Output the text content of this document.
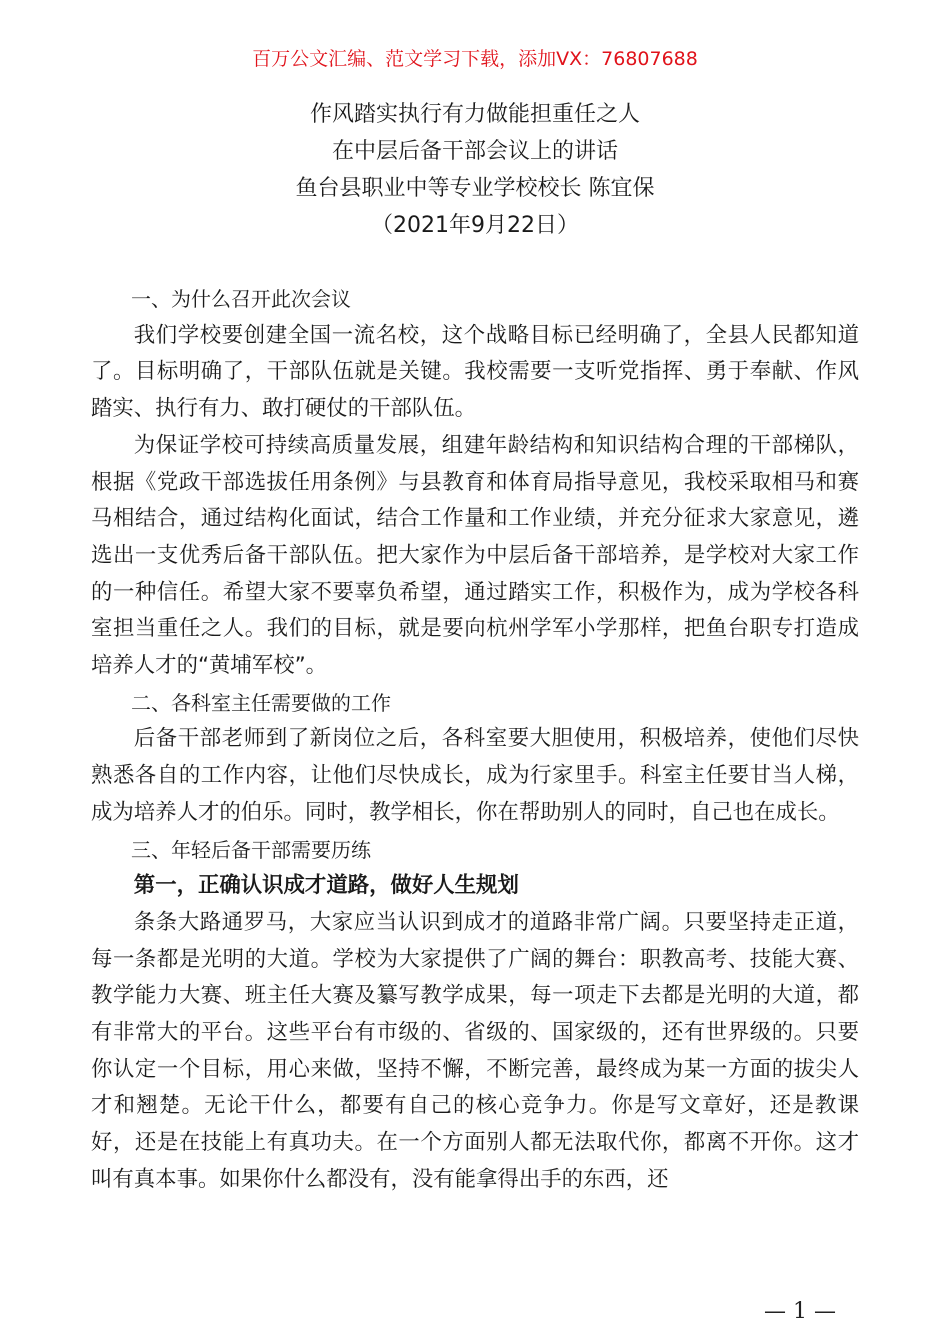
百万公文汇编、范文学习下载，添加VX：76807688
作风踏实执行有力做能担重任之人
在中层后备干部会议上的讲话
鱼台县职业中等专业学校校长 陈宜保
（2021年9月22日）

一、为什么召开此次会议

我们学校要创建全国一流名校，这个战略目标已经明确了，全县人民都知道了。目标明确了，干部队伍就是关键。我校需要一支听党指挥、勇于奉献、作风踏实、执行有力、敢打硬仗的干部队伍。

为保证学校可持续高质量发展，组建年龄结构和知识结构合理的干部梯队，根据《党政干部选拔任用条例》与县教育和体育局指导意见，我校采取相马和赛马相结合，通过结构化面试，结合工作量和工作业绩，并充分征求大家意见，遴选出一支优秀后备干部队伍。把大家作为中层后备干部培养，是学校对大家工作的一种信任。希望大家不要辜负希望，通过踏实工作，积极作为，成为学校各科室担当重任之人。我们的目标，就是要向杭州学军小学那样，把鱼台职专打造成培养人才的“黄埔军校”。

二、各科室主任需要做的工作

后备干部老师到了新岗位之后，各科室要大胆使用，积极培养，使他们尽快熟悉各自的工作内容，让他们尽快成长，成为行家里手。科室主任要甘当人梯，成为培养人才的伯乐。同时，教学相长，你在帮助别人的同时，自己也在成长。

三、年轻后备干部需要历练

第一，正确认识成才道路，做好人生规划

条条大路通罗马，大家应当认识到成才的道路非常广阔。只要坚持走正道，每一条都是光明的大道。学校为大家提供了广阔的舞台：职教高考、技能大赛、教学能力大赛、班主任大赛及纂写教学成果，每一项走下去都是光明的大道，都有非常大的平台。这些平台有市级的、省级的、国家级的，还有世界级的。只要你认定一个目标，用心来做，坚持不懈，不断完善，最终成为某一方面的拔尖人才和翘楚。无论干什么，都要有自己的核心竞争力。你是写文章好，还是教课好，还是在技能上有真功夫。在一个方面别人都无法取代你，都离不开你。这才叫有真本事。如果你什么都没有，没有能拿得出手的东西，还

— 1 —
